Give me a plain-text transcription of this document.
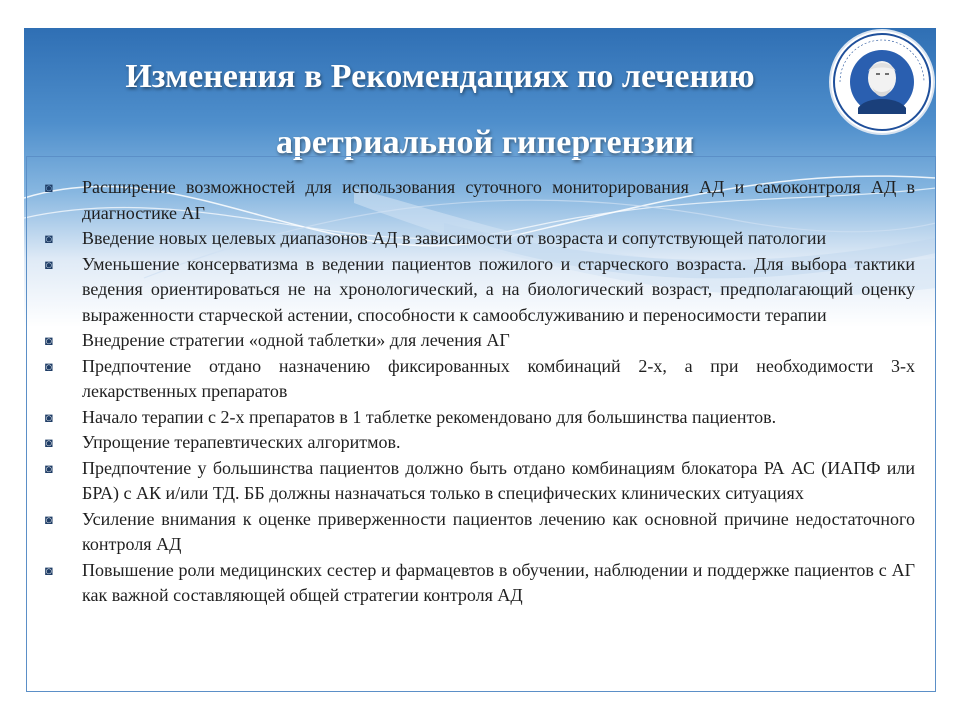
Изменения в Рекомендациях по лечению
аретриальной гипертензии
◙ Расширение возможностей для использования суточного мониторирования АД и самоконтроля АД в диагностике АГ
◙ Введение новых целевых диапазонов АД в зависимости от возраста и сопутствующей патологии
◙ Уменьшение консерватизма в ведении пациентов пожилого и старческого возраста. Для выбора тактики ведения ориентироваться не на хронологический, а на биологический возраст, предполагающий оценку выраженности старческой астении, способности к самообслуживанию и переносимости терапии
◙ Внедрение стратегии «одной таблетки» для лечения АГ
◙ Предпочтение отдано назначению фиксированных комбинаций 2-х, а при необходимости 3-х лекарственных препаратов
◙ Начало терапии с 2-х препаратов в 1 таблетке рекомендовано для большинства пациентов.
◙ Упрощение терапевтических алгоритмов.
◙ Предпочтение у большинства пациентов должно быть отдано комбинациям блокатора РА АС (ИАПФ или БРА) с АК и/или ТД. ББ должны назначаться только в специфических клинических ситуациях
◙ Усиление внимания к оценке приверженности пациентов лечению как основной причине недостаточного контроля АД
◙ Повышение роли медицинских сестер и фармацевтов в обучении, наблюдении и поддержке пациентов с АГ как важной составляющей общей стратегии контроля АД
